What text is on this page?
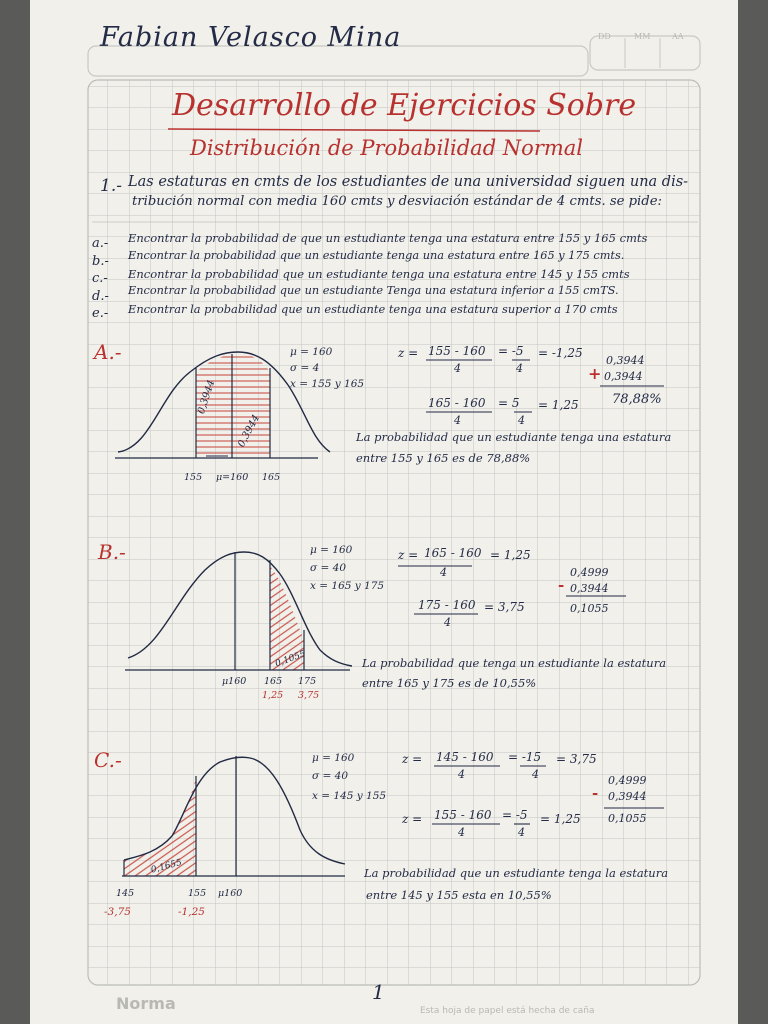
Fabian Velasco Mina	DD	MM	AA
Desarrollo de Ejercicios Sobre
Distribución de Probabilidad Normal
1.- Las estaturas en cmts de los estudiantes de una universidad siguen una dis-
tribución normal con media 160 cmts y desviación estándar de 4 cmts. se pide:
a.- Encontrar la probabilidad de que un estudiante tenga una estatura entre 155 y 165 cmts
b.- Encontrar la probabilidad que un estudiante tenga una estatura entre 165 y 175 cmts.
c.- Encontrar la probabilidad que un estudiante tenga una estatura entre 145 y 155 cmts
d.- Encontrar la probabilidad que un estudiante Tenga una estatura inferior a 155 cmTS.
e.- Encontrar la probabilidad que un estudiante tenga una estatura superior a 170 cmts
A.-	μ = 160
σ = 4
x = 155 y 165
0,3944
0,3944
155 μ=160 165
z = 155 - 160
4
= -5
4
= -1,25
165 - 160
4
= 5
4
= 1,25
+
0,3944
0,3944
78,88%
La probabilidad que un estudiante tenga una estatura
entre 155 y 165 es de 78,88%
B.-	μ = 160
σ = 40
x = 165 y 175
0,1055
μ160 165 175
1,25 3,75
z = 165 - 160
4
= 1,25
175 - 160
4
= 3,75
0,4999
- 0,3944
0,1055
La probabilidad que tenga un estudiante la estatura
entre 165 y 175 es de 10,55%
C.-	μ = 160
σ = 40
x = 145 y 155
0,1655
145	155 μ160
-3,75	-1,25
z = 145 - 160
4
= -15
4
= 3,75
z = 155 - 160
4
= -5
4
= 1,25
0,4999
- 0,3944
0,1055
La probabilidad que un estudiante tenga la estatura
entre 145 y 155 esta en 10,55%
Norma	1
Esta hoja de papel está hecha de caña
